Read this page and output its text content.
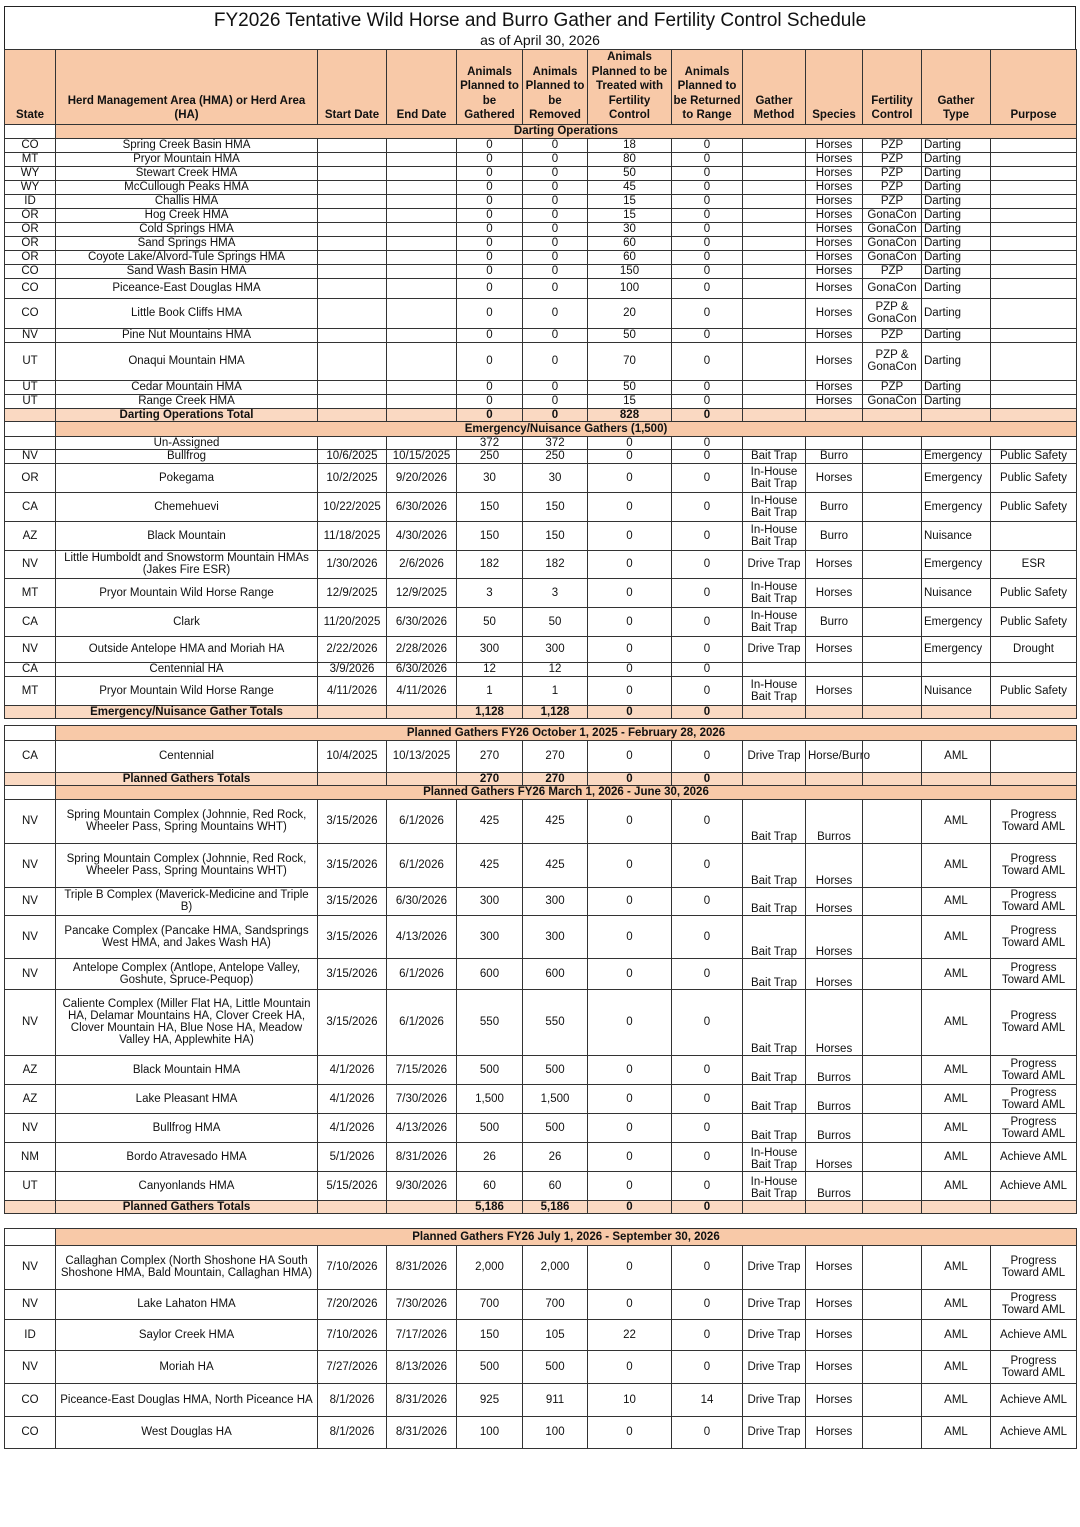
FY2026 Tentative Wild Horse and Burro Gather and Fertility Control Schedule
as of April 30, 2026
State	Herd Management Area (HMA) or Herd Area (HA)	Start Date	End Date	Animals Planned to be Gathered	Animals Planned to be Removed	Animals Planned to be Treated with Fertility Control	Animals Planned to be Returned to Range	Gather Method	Species	Fertility Control	Gather Type	Purpose
	Darting Operations											
CO	Spring Creek Basin HMA			0	0	18	0		Horses	PZP	Darting	
MT	Pryor Mountain HMA			0	0	80	0		Horses	PZP	Darting	
WY	Stewart Creek HMA			0	0	50	0		Horses	PZP	Darting	
WY	McCullough Peaks HMA			0	0	45	0		Horses	PZP	Darting	
ID	Challis HMA			0	0	15	0		Horses	PZP	Darting	
OR	Hog Creek HMA			0	0	15	0		Horses	GonaCon	Darting	
OR	Cold Springs HMA			0	0	30	0		Horses	GonaCon	Darting	
OR	Sand Springs HMA			0	0	60	0		Horses	GonaCon	Darting	
OR	Coyote Lake/Alvord-Tule Springs HMA			0	0	60	0		Horses	GonaCon	Darting	
CO	Sand Wash Basin HMA			0	0	150	0		Horses	PZP	Darting	
CO	Piceance-East Douglas HMA			0	0	100	0		Horses	GonaCon	Darting	
CO	Little Book Cliffs HMA			0	0	20	0		Horses	PZP & GonaCon	Darting	
NV	Pine Nut Mountains HMA			0	0	50	0		Horses	PZP	Darting	
UT	Onaqui Mountain HMA			0	0	70	0		Horses	PZP & GonaCon	Darting	
UT	Cedar Mountain HMA			0	0	50	0		Horses	PZP	Darting	
UT	Range Creek HMA			0	0	15	0		Horses	GonaCon	Darting	
	Darting Operations Total			0	0	828	0					
	Emergency/Nuisance Gathers (1,500)											
	Un-Assigned			372	372	0	0					
NV	Bullfrog	10/6/2025	10/15/2025	250	250	0	0	Bait Trap	Burro		Emergency	Public Safety
OR	Pokegama	10/2/2025	9/20/2026	30	30	0	0	In-House Bait Trap	Horses		Emergency	Public Safety
CA	Chemehuevi	10/22/2025	6/30/2026	150	150	0	0	In-House Bait Trap	Burro		Emergency	Public Safety
AZ	Black Mountain	11/18/2025	4/30/2026	150	150	0	0	In-House Bait Trap	Burro		Nuisance	
NV	Little Humboldt and Snowstorm Mountain HMAs (Jakes Fire ESR)	1/30/2026	2/6/2026	182	182	0	0	Drive Trap	Horses		Emergency	ESR
MT	Pryor Mountain Wild Horse Range	12/9/2025	12/9/2025	3	3	0	0	In-House Bait Trap	Horses		Nuisance	Public Safety
CA	Clark	11/20/2025	6/30/2026	50	50	0	0	In-House Bait Trap	Burro		Emergency	Public Safety
NV	Outside Antelope HMA and Moriah HA	2/22/2026	2/28/2026	300	300	0	0	Drive Trap	Horses		Emergency	Drought
CA	Centennial HA	3/9/2026	6/30/2026	12	12	0	0					
MT	Pryor Mountain Wild Horse Range	4/11/2026	4/11/2026	1	1	0	0	In-House Bait Trap	Horses		Nuisance	Public Safety
	Emergency/Nuisance Gather Totals			1,128	1,128	0	0					

	Planned Gathers FY26 October 1, 2025 - February 28, 2026											
CA	Centennial	10/4/2025	10/13/2025	270	270	0	0	Drive Trap	Horse/Burro		AML	
	Planned Gathers Totals			270	270	0	0					
	Planned Gathers FY26 March 1, 2026 - June 30, 2026											
NV	Spring Mountain Complex (Johnnie, Red Rock, Wheeler Pass, Spring Mountains WHT)	3/15/2026	6/1/2026	425	425	0	0	Bait Trap	Burros		AML	Progress Toward AML
NV	Spring Mountain Complex (Johnnie, Red Rock, Wheeler Pass, Spring Mountains WHT)	3/15/2026	6/1/2026	425	425	0	0	Bait Trap	Horses		AML	Progress Toward AML
NV	Triple B Complex (Maverick-Medicine and Triple B)	3/15/2026	6/30/2026	300	300	0	0	Bait Trap	Horses		AML	Progress Toward AML
NV	Pancake Complex (Pancake HMA, Sandsprings West HMA, and Jakes Wash HA)	3/15/2026	4/13/2026	300	300	0	0	Bait Trap	Horses		AML	Progress Toward AML
NV	Antelope Complex (Antlope, Antelope Valley, Goshute, Spruce-Pequop)	3/15/2026	6/1/2026	600	600	0	0	Bait Trap	Horses		AML	Progress Toward AML
NV	Caliente Complex (Miller Flat HA, Little Mountain HA, Delamar Mountains HA, Clover Creek HA, Clover Mountain HA, Blue Nose HA, Meadow Valley HA, Applewhite HA)	3/15/2026	6/1/2026	550	550	0	0	Bait Trap	Horses		AML	Progress Toward AML
AZ	Black Mountain HMA	4/1/2026	7/15/2026	500	500	0	0	Bait Trap	Burros		AML	Progress Toward AML
AZ	Lake Pleasant HMA	4/1/2026	7/30/2026	1,500	1,500	0	0	Bait Trap	Burros		AML	Progress Toward AML
NV	Bullfrog HMA	4/1/2026	4/13/2026	500	500	0	0	Bait Trap	Burros		AML	Progress Toward AML
NM	Bordo Atravesado HMA	5/1/2026	8/31/2026	26	26	0	0	In-House Bait Trap	Horses		AML	Achieve AML
UT	Canyonlands HMA	5/15/2026	9/30/2026	60	60	0	0	In-House Bait Trap	Burros		AML	Achieve AML
	Planned Gathers Totals			5,186	5,186	0	0					

	Planned Gathers FY26 July 1, 2026 - September 30, 2026											
NV	Callaghan Complex (North Shoshone HA South Shoshone HMA, Bald Mountain, Callaghan HMA)	7/10/2026	8/31/2026	2,000	2,000	0	0	Drive Trap	Horses		AML	Progress Toward AML
NV	Lake Lahaton HMA	7/20/2026	7/30/2026	700	700	0	0	Drive Trap	Horses		AML	Progress Toward AML
ID	Saylor Creek HMA	7/10/2026	7/17/2026	150	105	22	0	Drive Trap	Horses		AML	Achieve AML
NV	Moriah HA	7/27/2026	8/13/2026	500	500	0	0	Drive Trap	Horses		AML	Progress Toward AML
CO	Piceance-East Douglas HMA, North Piceance HA	8/1/2026	8/31/2026	925	911	10	14	Drive Trap	Horses		AML	Achieve AML
CO	West Douglas HA	8/1/2026	8/31/2026	100	100	0	0	Drive Trap	Horses		AML	Achieve AML
